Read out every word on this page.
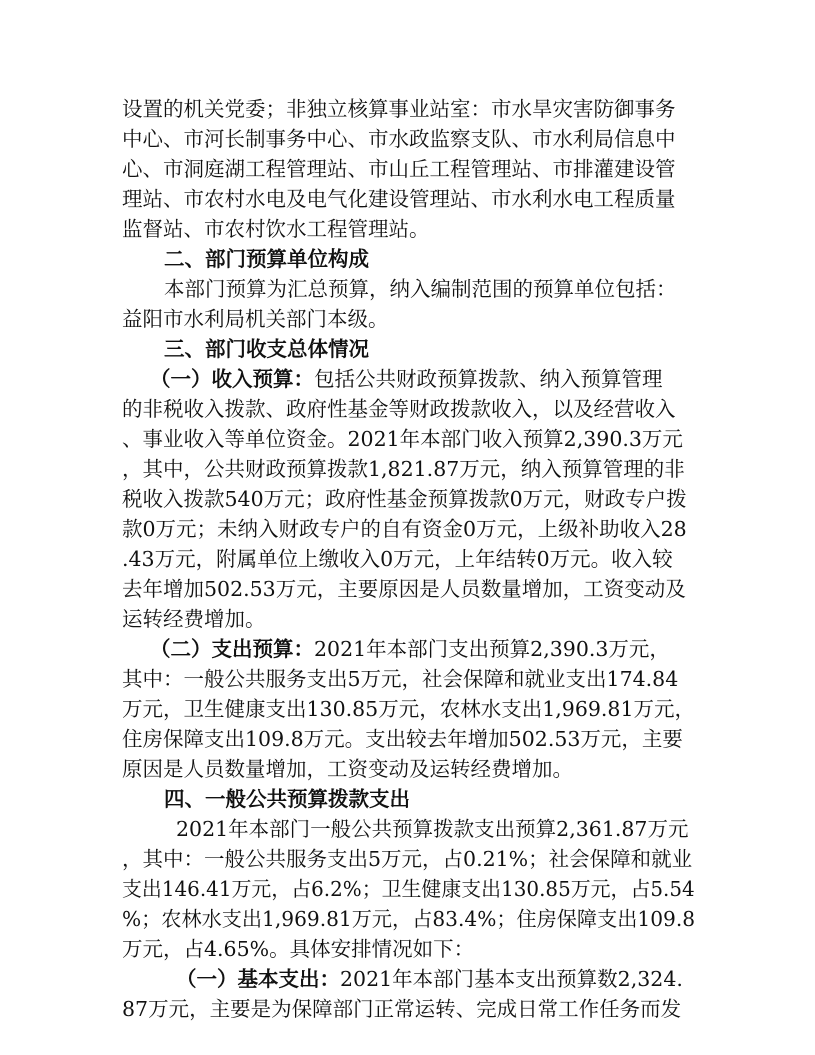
设置的机关党委；非独立核算事业站室：市水旱灾害防御事务
中心、市河长制事务中心、市水政监察支队、市水利局信息中
心、市洞庭湖工程管理站、市山丘工程管理站、市排灌建设管
理站、市农村水电及电气化建设管理站、市水利水电工程质量
监督站、市农村饮水工程管理站。
二、部门预算单位构成
本部门预算为汇总预算，纳入编制范围的预算单位包括：
益阳市水利局机关部门本级。
三、部门收支总体情况
（一）收入预算：包括公共财政预算拨款、纳入预算管理
的非税收入拨款、政府性基金等财政拨款收入，以及经营收入
、事业收入等单位资金。2021年本部门收入预算2,390.3万元
，其中，公共财政预算拨款1,821.87万元，纳入预算管理的非
税收入拨款540万元；政府性基金预算拨款0万元，财政专户拨
款0万元；未纳入财政专户的自有资金0万元，上级补助收入28
.43万元，附属单位上缴收入0万元，上年结转0万元。收入较
去年增加502.53万元，主要原因是人员数量增加，工资变动及
运转经费增加。
（二）支出预算：2021年本部门支出预算2,390.3万元，
其中：一般公共服务支出5万元，社会保障和就业支出174.84
万元，卫生健康支出130.85万元，农林水支出1,969.81万元，
住房保障支出109.8万元。支出较去年增加502.53万元，主要
原因是人员数量增加，工资变动及运转经费增加。
四、一般公共预算拨款支出
2021年本部门一般公共预算拨款支出预算2,361.87万元
，其中：一般公共服务支出5万元，占0.21%；社会保障和就业
支出146.41万元，占6.2%；卫生健康支出130.85万元，占5.54
%；农林水支出1,969.81万元，占83.4%；住房保障支出109.8
万元，占4.65%。具体安排情况如下：
（一）基本支出：2021年本部门基本支出预算数2,324.
87万元，主要是为保障部门正常运转、完成日常工作任务而发
